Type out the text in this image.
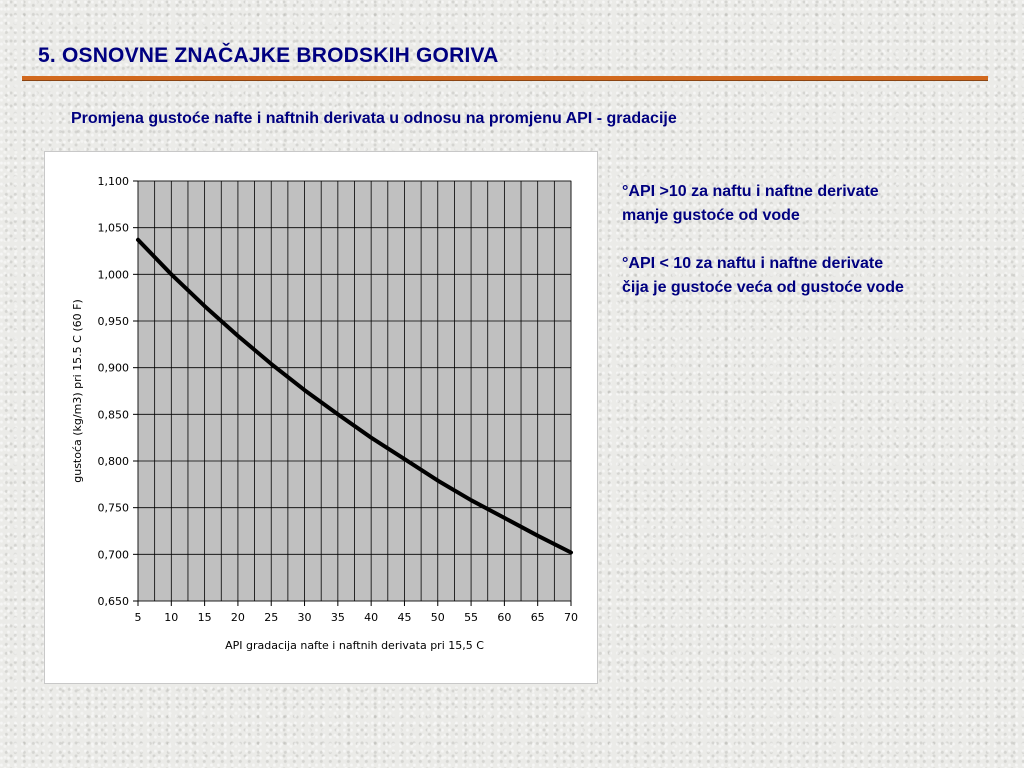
5. OSNOVNE ZNAČAJKE BRODSKIH GORIVA
Promjena gustoće nafte i naftnih derivata u odnosu na promjenu API - gradacije
0,650
0,700
0,750
0,800
0,850
0,900
0,950
1,000
1,050
1,100
5 10 15 20 25 30 35 40 45 50 55 60 65 70
API gradacija nafte i naftnih derivata pri 15,5 C
gustoća (kg/m3) pri 15.5 C (60 F)

°API >10 za naftu i naftne derivate
manje gustoće od vode

°API < 10 za naftu i naftne derivate
čija je gustoće veća od gustoće vode
